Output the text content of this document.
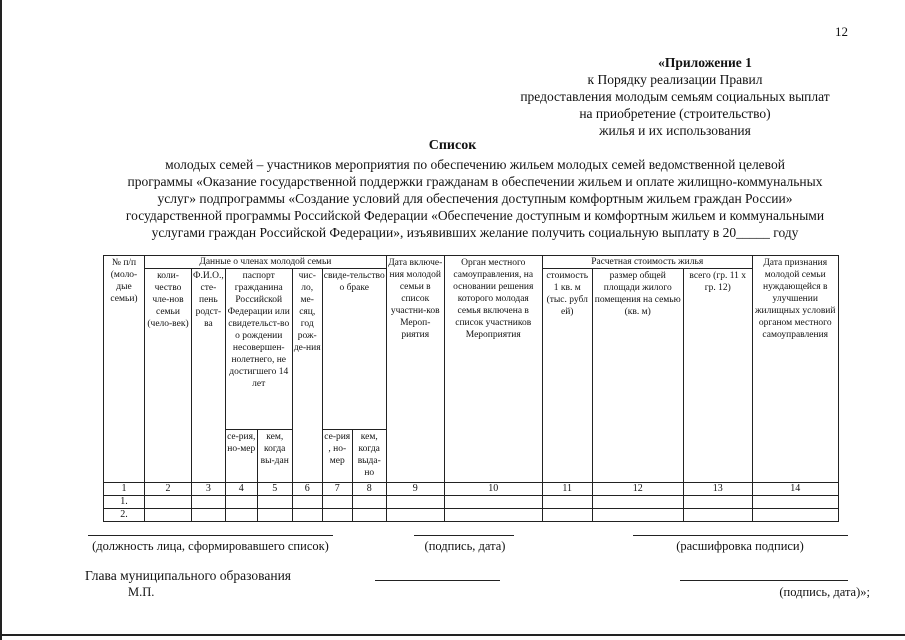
12
«Приложение 1
к Порядку реализации Правил
предоставления молодым семьям социальных выплат
на приобретение (строительство)
жилья и их использования
Список
молодых семей – участников мероприятия по обеспечению жильем молодых семей ведомственной целевой
программы «Оказание государственной поддержки гражданам в обеспечении жильем и оплате жилищно-коммунальных
услуг» подпрограммы «Создание условий для обеспечения доступным комфортным жильем граждан России»
государственной программы Российской Федерации «Обеспечение доступным и комфортным жильем и коммунальными
услугами граждан Российской Федерации», изъявивших желание получить социальную выплату в 20_____ году
№ п/п (моло-дые семьи)	Данные о членах молодой семьи							Дата включе-ния молодой семьи в список участни-ков Мероп-риятия	Орган местного самоуправления, на основании решения которого молодая семья включена в список участников Мероприятия	Расчетная стоимость жилья			Дата признания молодой семьи нуждающейся в улучшении жилищных условий органом местного самоуправления
	коли-чество чле-нов семьи (чело-век)	Ф.И.О., сте-пень родст-ва	паспорт гражданина Российской Федерации или свидетельст-во о рождении несовершен-нолетнего, не достигшего 14 лет		чис-ло, ме-сяц, год рож-де-ния	свиде-тельство о браке				стоимость 1 кв. м (тыс. рубл ей)	размер общей площади жилого помещения на семью (кв. м)	всего (гр. 11 х гр. 12)	
			се-рия, но-мер	кем, когда вы-дан		се-рия , но-мер	кем, когда выда-но						
1	2	3	4	5	6	7	8	9	10	11	12	13	14
1.													
2.													
(должность лица, сформировавшего список)	(подпись, дата)	(расшифровка подписи)
Глава муниципального образования
М.П.	(подпись, дата)»;
